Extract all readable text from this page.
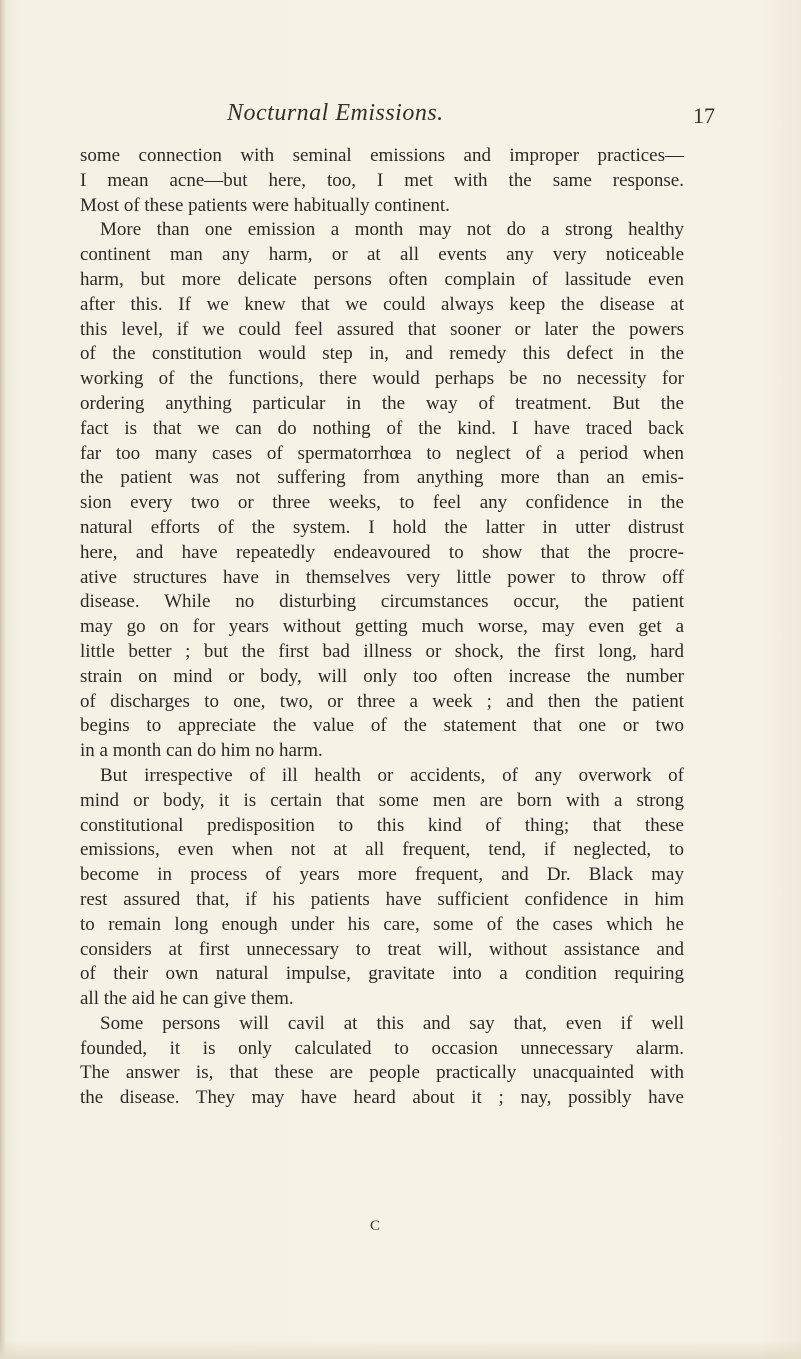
Nocturnal Emissions.	17
some connection with seminal emissions and improper practices—
I mean acne—but here, too, I met with the same response.
Most of these patients were habitually continent.
More than one emission a month may not do a strong healthy
continent man any harm, or at all events any very noticeable
harm, but more delicate persons often complain of lassitude even
after this. If we knew that we could always keep the disease at
this level, if we could feel assured that sooner or later the powers
of the constitution would step in, and remedy this defect in the
working of the functions, there would perhaps be no necessity for
ordering anything particular in the way of treatment. But the
fact is that we can do nothing of the kind. I have traced back
far too many cases of spermatorrhœa to neglect of a period when
the patient was not suffering from anything more than an emis-
sion every two or three weeks, to feel any confidence in the
natural efforts of the system. I hold the latter in utter distrust
here, and have repeatedly endeavoured to show that the procre-
ative structures have in themselves very little power to throw off
disease. While no disturbing circumstances occur, the patient
may go on for years without getting much worse, may even get a
little better ; but the first bad illness or shock, the first long, hard
strain on mind or body, will only too often increase the number
of discharges to one, two, or three a week ; and then the patient
begins to appreciate the value of the statement that one or two
in a month can do him no harm.
But irrespective of ill health or accidents, of any overwork of
mind or body, it is certain that some men are born with a strong
constitutional predisposition to this kind of thing; that these
emissions, even when not at all frequent, tend, if neglected, to
become in process of years more frequent, and Dr. Black may
rest assured that, if his patients have sufficient confidence in him
to remain long enough under his care, some of the cases which he
considers at first unnecessary to treat will, without assistance and
of their own natural impulse, gravitate into a condition requiring
all the aid he can give them.
Some persons will cavil at this and say that, even if well
founded, it is only calculated to occasion unnecessary alarm.
The answer is, that these are people practically unacquainted with
the disease. They may have heard about it ; nay, possibly have
C
